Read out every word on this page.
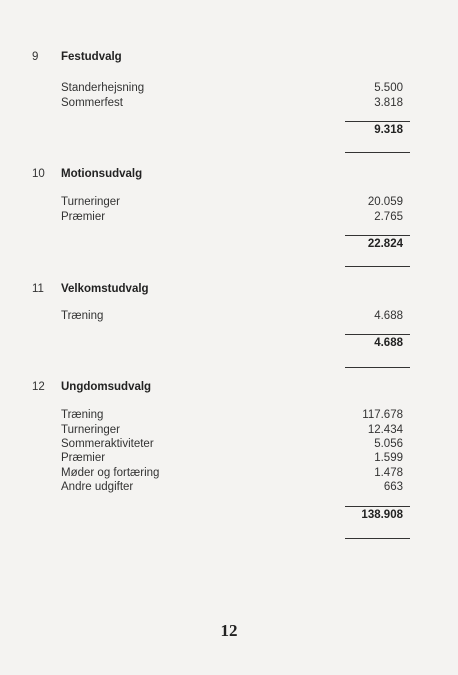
9 Festudvalg
Standerhejsning	5.500
Sommerfest	3.818
9.318
10 Motionsudvalg
Turneringer	20.059
Præmier	2.765
22.824
11 Velkomstudvalg
Træning	4.688
4.688
12 Ungdomsudvalg
Træning	117.678
Turneringer	12.434
Sommeraktiviteter	5.056
Præmier	1.599
Møder og fortæring	1.478
Andre udgifter	663
138.908
12
